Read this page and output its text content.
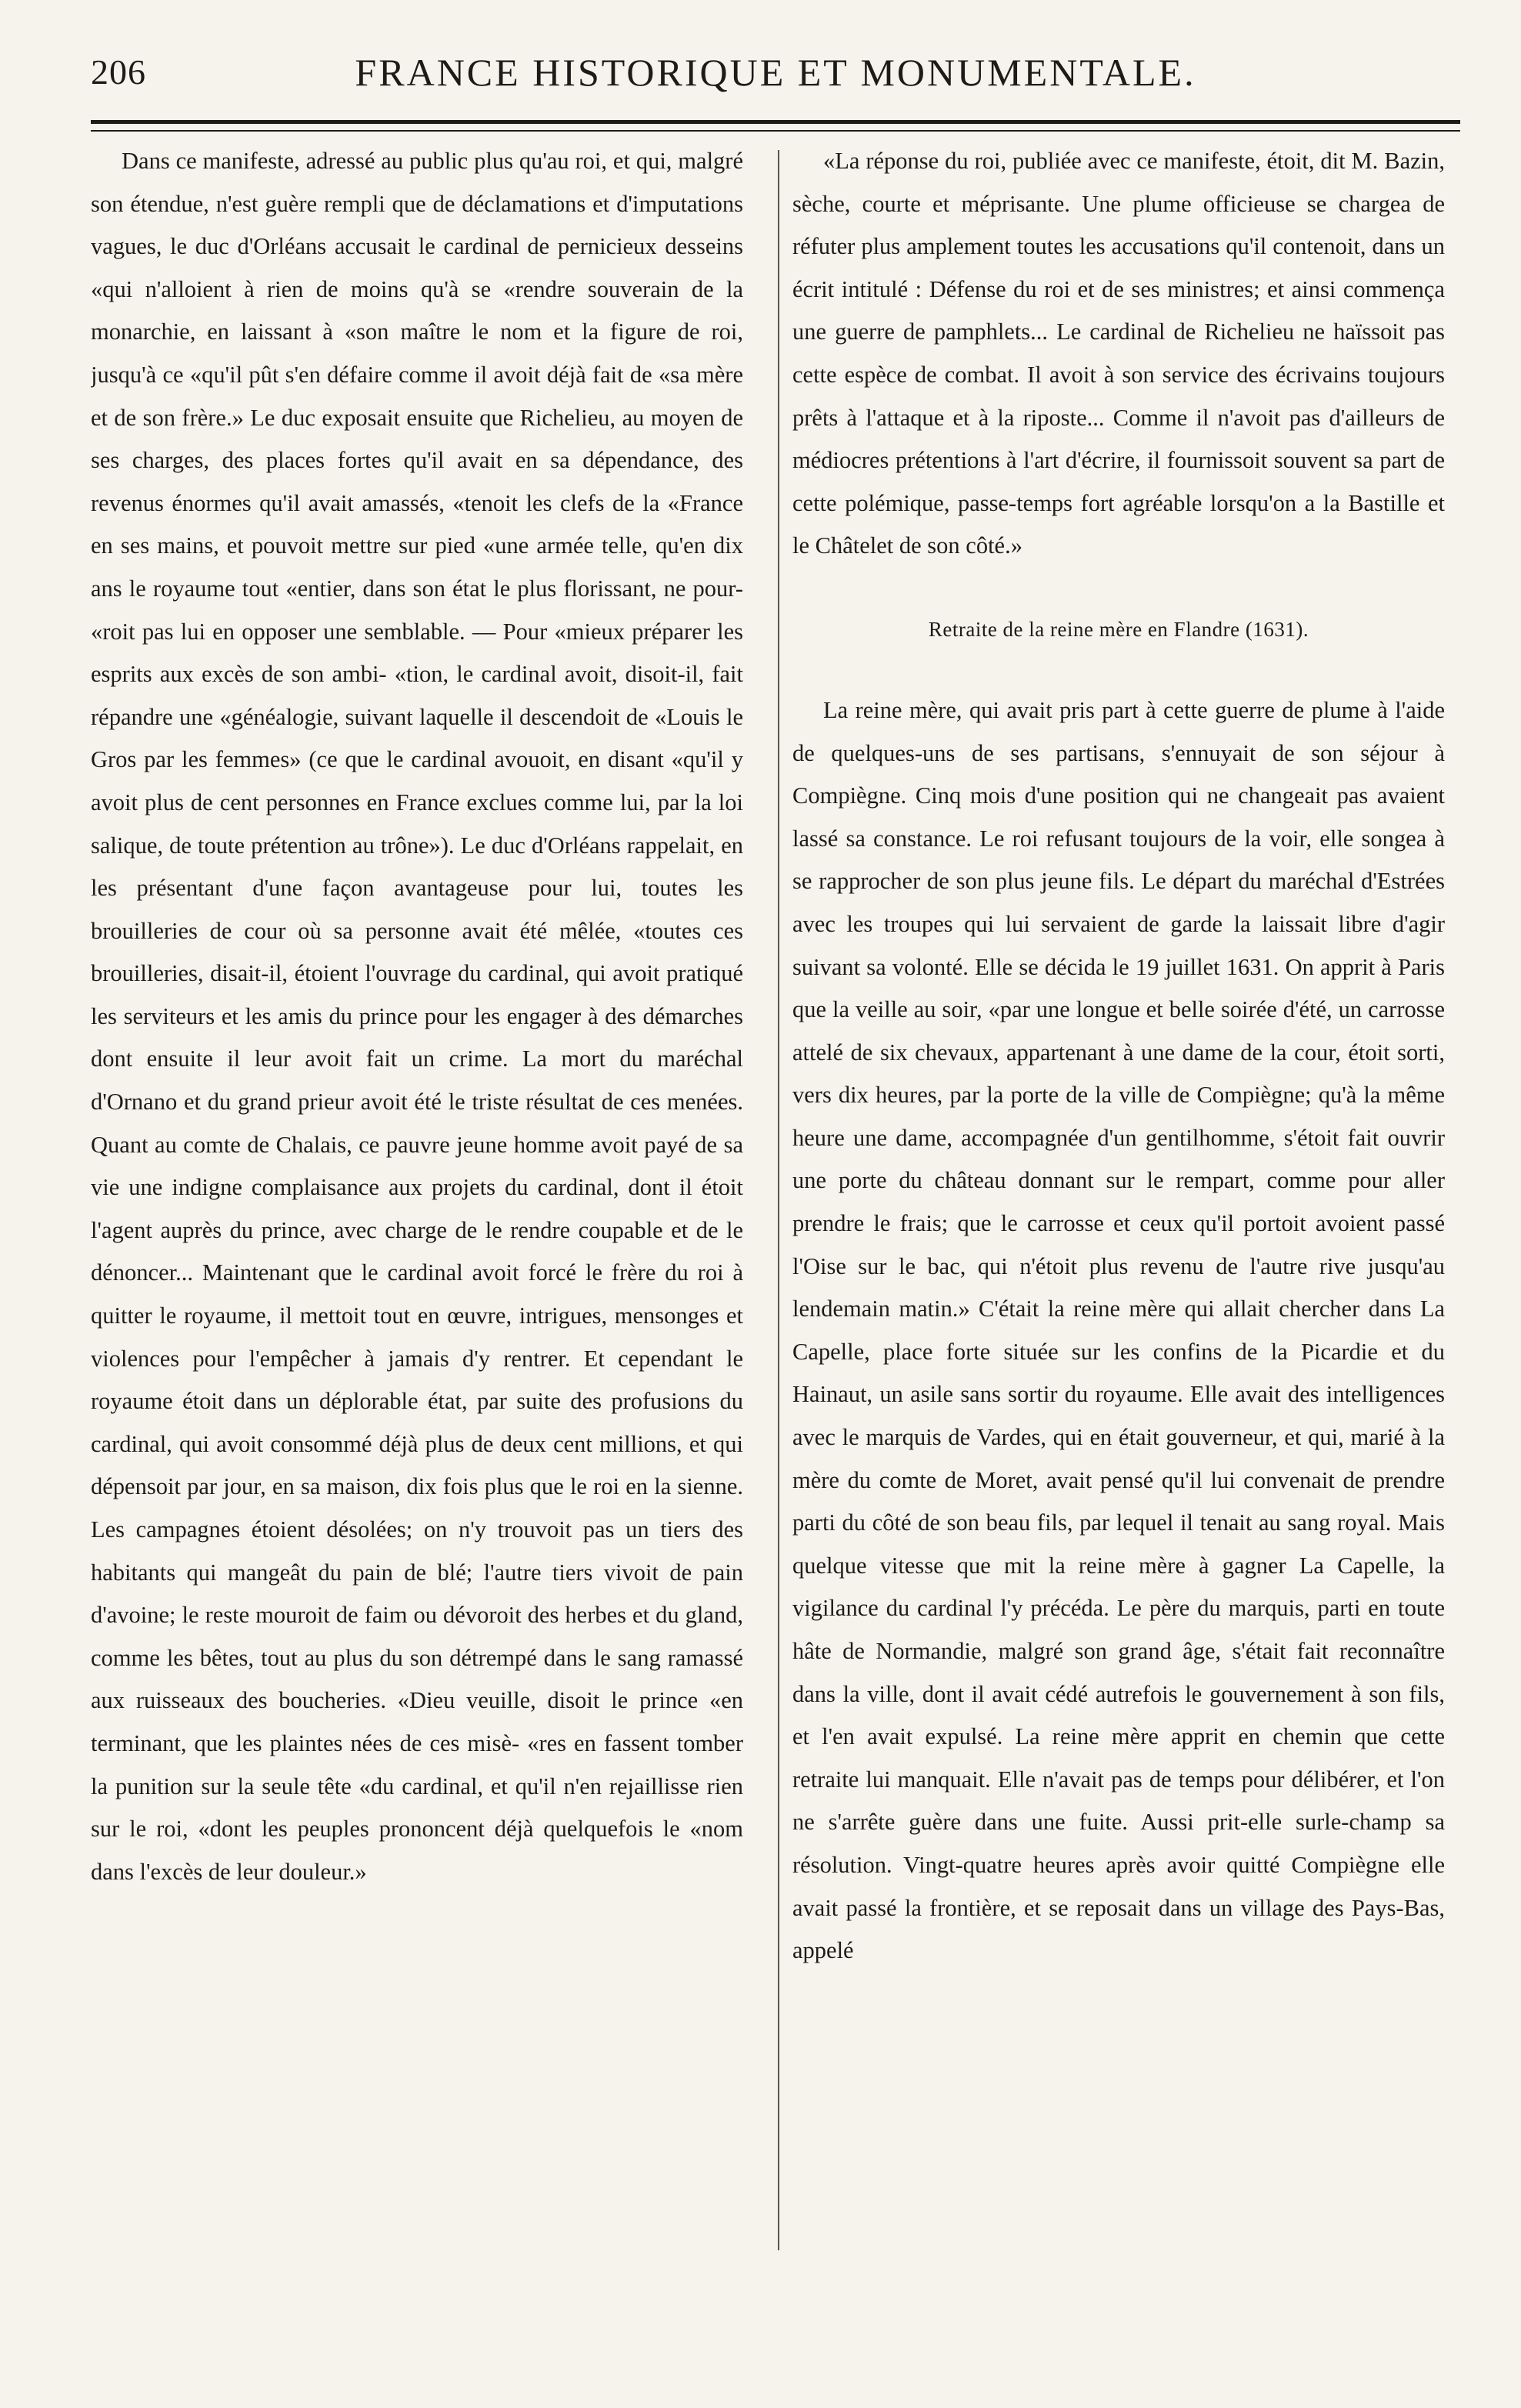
206	FRANCE HISTORIQUE ET MONUMENTALE.

Dans ce manifeste, adressé au public plus qu'au roi, et qui, malgré son étendue, n'est guère rempli que de déclamations et d'imputations vagues, le duc d'Orléans accusait le cardinal de pernicieux desseins «qui n'alloient à rien de moins qu'à se «rendre souverain de la monarchie, en laissant à «son maître le nom et la figure de roi, jusqu'à ce «qu'il pût s'en défaire comme il avoit déjà fait de «sa mère et de son frère.» Le duc exposait ensuite que Richelieu, au moyen de ses charges, des places fortes qu'il avait en sa dépendance, des revenus énormes qu'il avait amassés, «tenoit les clefs de la «France en ses mains, et pouvoit mettre sur pied «une armée telle, qu'en dix ans le royaume tout «entier, dans son état le plus florissant, ne pour- «roit pas lui en opposer une semblable. — Pour «mieux préparer les esprits aux excès de son ambi- «tion, le cardinal avoit, disoit-il, fait répandre une «généalogie, suivant laquelle il descendoit de «Louis le Gros par les femmes» (ce que le cardinal avouoit, en disant «qu'il y avoit plus de cent personnes en France exclues comme lui, par la loi salique, de toute prétention au trône»). Le duc d'Orléans rappelait, en les présentant d'une façon avantageuse pour lui, toutes les brouilleries de cour où sa personne avait été mêlée, «toutes ces brouilleries, disait-il, étoient l'ouvrage du cardinal, qui avoit pratiqué les serviteurs et les amis du prince pour les engager à des démarches dont ensuite il leur avoit fait un crime. La mort du maréchal d'Ornano et du grand prieur avoit été le triste résultat de ces menées. Quant au comte de Chalais, ce pauvre jeune homme avoit payé de sa vie une indigne complaisance aux projets du cardinal, dont il étoit l'agent auprès du prince, avec charge de le rendre coupable et de le dénoncer... Maintenant que le cardinal avoit forcé le frère du roi à quitter le royaume, il mettoit tout en œuvre, intrigues, mensonges et violences pour l'empêcher à jamais d'y rentrer. Et cependant le royaume étoit dans un déplorable état, par suite des profusions du cardinal, qui avoit consommé déjà plus de deux cent millions, et qui dépensoit par jour, en sa maison, dix fois plus que le roi en la sienne. Les campagnes étoient désolées; on n'y trouvoit pas un tiers des habitants qui mangeât du pain de blé; l'autre tiers vivoit de pain d'avoine; le reste mouroit de faim ou dévoroit des herbes et du gland, comme les bêtes, tout au plus du son détrempé dans le sang ramassé aux ruisseaux des boucheries. «Dieu veuille, disoit le prince «en terminant, que les plaintes nées de ces misè- «res en fassent tomber la punition sur la seule tête «du cardinal, et qu'il n'en rejaillisse rien sur le roi, «dont les peuples prononcent déjà quelquefois le «nom dans l'excès de leur douleur.»

«La réponse du roi, publiée avec ce manifeste, étoit, dit M. Bazin, sèche, courte et méprisante. Une plume officieuse se chargea de réfuter plus amplement toutes les accusations qu'il contenoit, dans un écrit intitulé : Défense du roi et de ses ministres; et ainsi commença une guerre de pamphlets... Le cardinal de Richelieu ne haïssoit pas cette espèce de combat. Il avoit à son service des écrivains toujours prêts à l'attaque et à la riposte... Comme il n'avoit pas d'ailleurs de médiocres prétentions à l'art d'écrire, il fournissoit souvent sa part de cette polémique, passe-temps fort agréable lorsqu'on a la Bastille et le Châtelet de son côté.»

Retraite de la reine mère en Flandre (1631).

La reine mère, qui avait pris part à cette guerre de plume à l'aide de quelques-uns de ses partisans, s'ennuyait de son séjour à Compiègne. Cinq mois d'une position qui ne changeait pas avaient lassé sa constance. Le roi refusant toujours de la voir, elle songea à se rapprocher de son plus jeune fils. Le départ du maréchal d'Estrées avec les troupes qui lui servaient de garde la laissait libre d'agir suivant sa volonté. Elle se décida le 19 juillet 1631. On apprit à Paris que la veille au soir, «par une longue et belle soirée d'été, un carrosse attelé de six chevaux, appartenant à une dame de la cour, étoit sorti, vers dix heures, par la porte de la ville de Compiègne; qu'à la même heure une dame, accompagnée d'un gentilhomme, s'étoit fait ouvrir une porte du château donnant sur le rempart, comme pour aller prendre le frais; que le carrosse et ceux qu'il portoit avoient passé l'Oise sur le bac, qui n'étoit plus revenu de l'autre rive jusqu'au lendemain matin.» C'était la reine mère qui allait chercher dans La Capelle, place forte située sur les confins de la Picardie et du Hainaut, un asile sans sortir du royaume. Elle avait des intelligences avec le marquis de Vardes, qui en était gouverneur, et qui, marié à la mère du comte de Moret, avait pensé qu'il lui convenait de prendre parti du côté de son beau fils, par lequel il tenait au sang royal. Mais quelque vitesse que mit la reine mère à gagner La Capelle, la vigilance du cardinal l'y précéda. Le père du marquis, parti en toute hâte de Normandie, malgré son grand âge, s'était fait reconnaître dans la ville, dont il avait cédé autrefois le gouvernement à son fils, et l'en avait expulsé. La reine mère apprit en chemin que cette retraite lui manquait. Elle n'avait pas de temps pour délibérer, et l'on ne s'arrête guère dans une fuite. Aussi prit-elle surle-champ sa résolution. Vingt-quatre heures après avoir quitté Compiègne elle avait passé la frontière, et se reposait dans un village des Pays-Bas, appelé
